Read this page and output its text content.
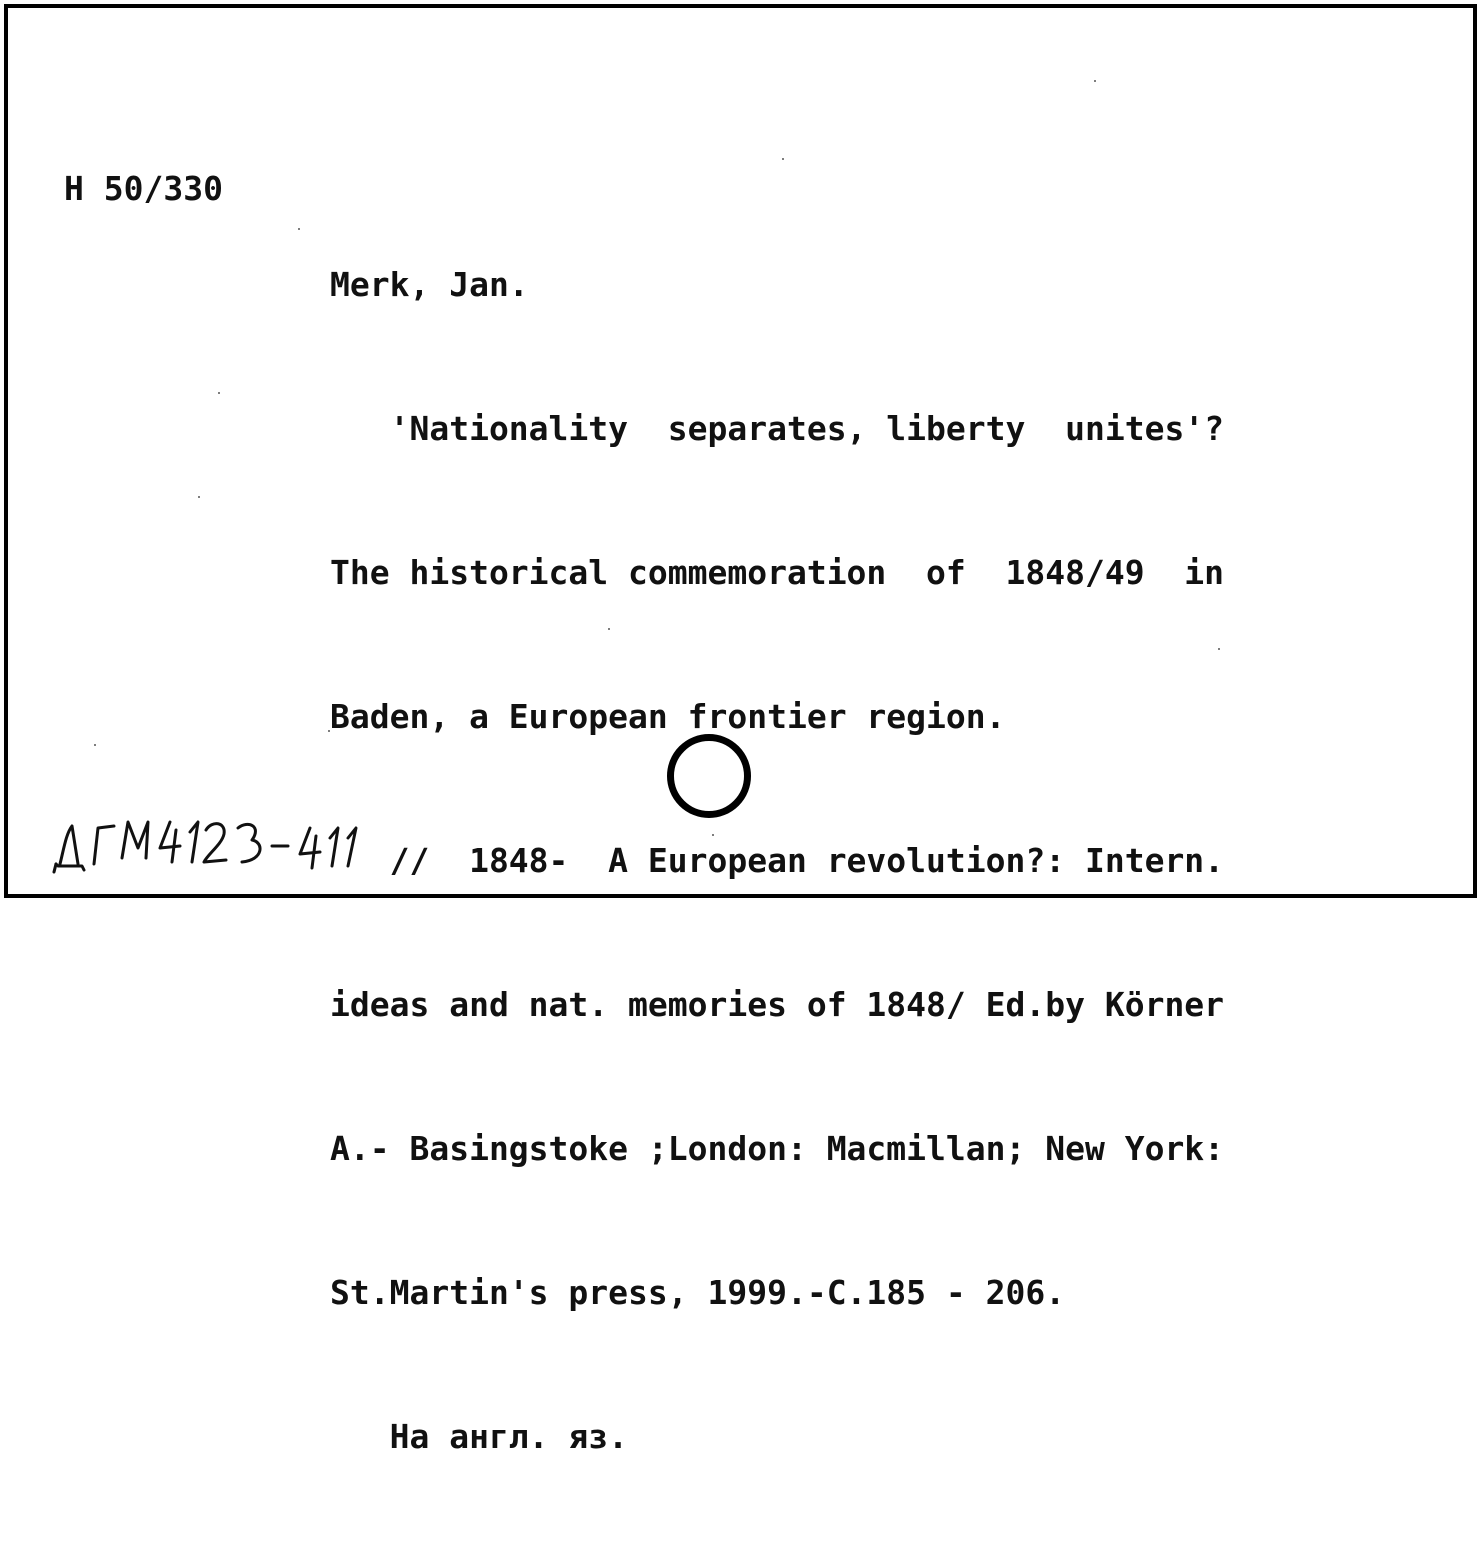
Н 50/330

Merk, Jan.

'Nationality  separates, liberty  unites'?

The historical commemoration  of  1848/49  in

Baden, a European frontier region.

//  1848-  A European revolution?: Intern.

ideas and nat. memories of 1848/ Ed.by Körner

A.- Basingstoke ;London: Macmillan; New York:

St.Martin's press, 1999.-С.185 - 206.

На англ. яз.
